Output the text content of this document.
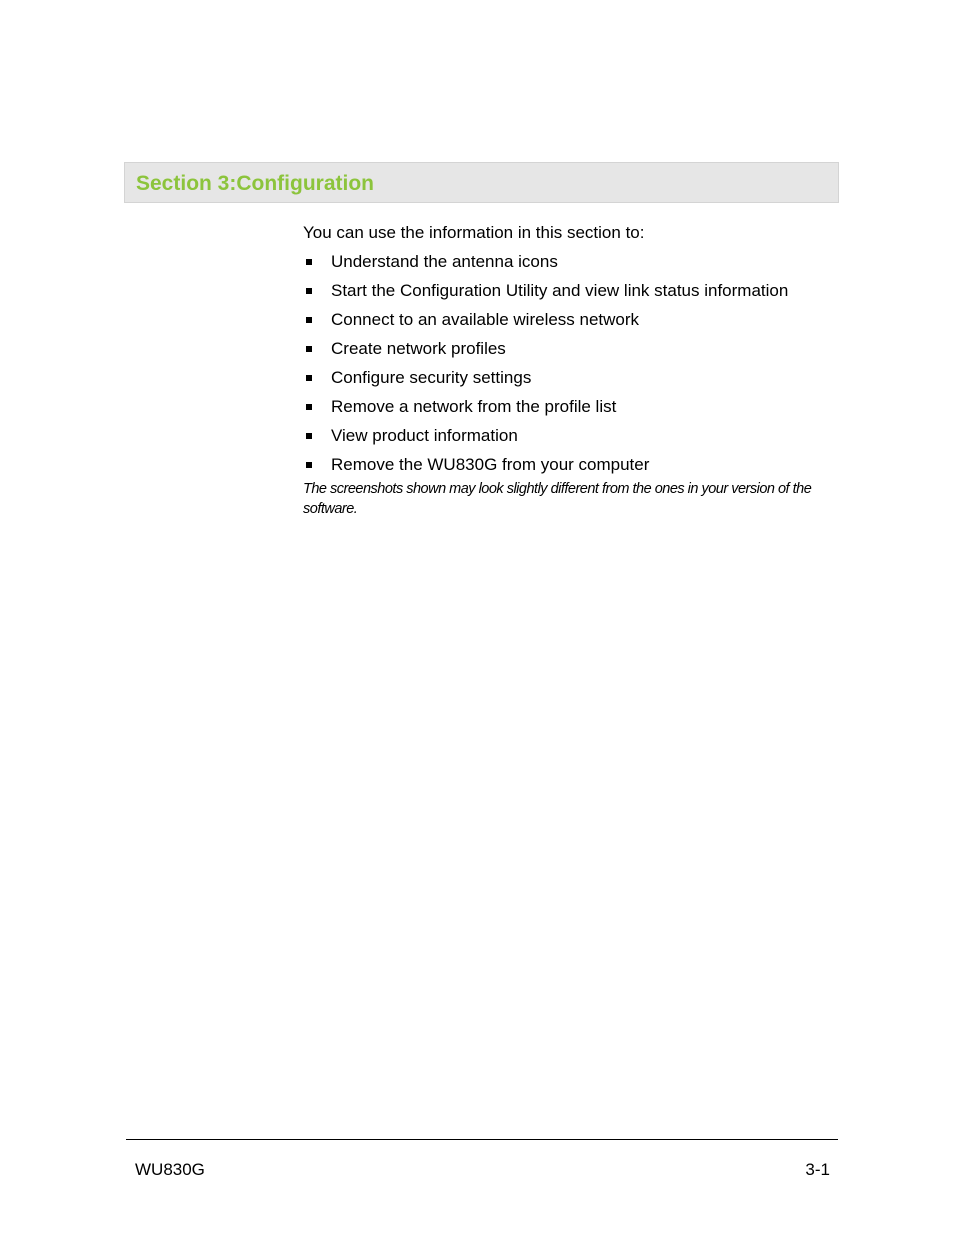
Section 3:Configuration

You can use the information in this section to:

Understand the antenna icons
Start the Configuration Utility and view link status information
Connect to an available wireless network
Create network profiles
Configure security settings
Remove a network from the profile list
View product information
Remove the WU830G from your computer

The screenshots shown may look slightly different from the ones in your version of the software.

WU830G	3-1
